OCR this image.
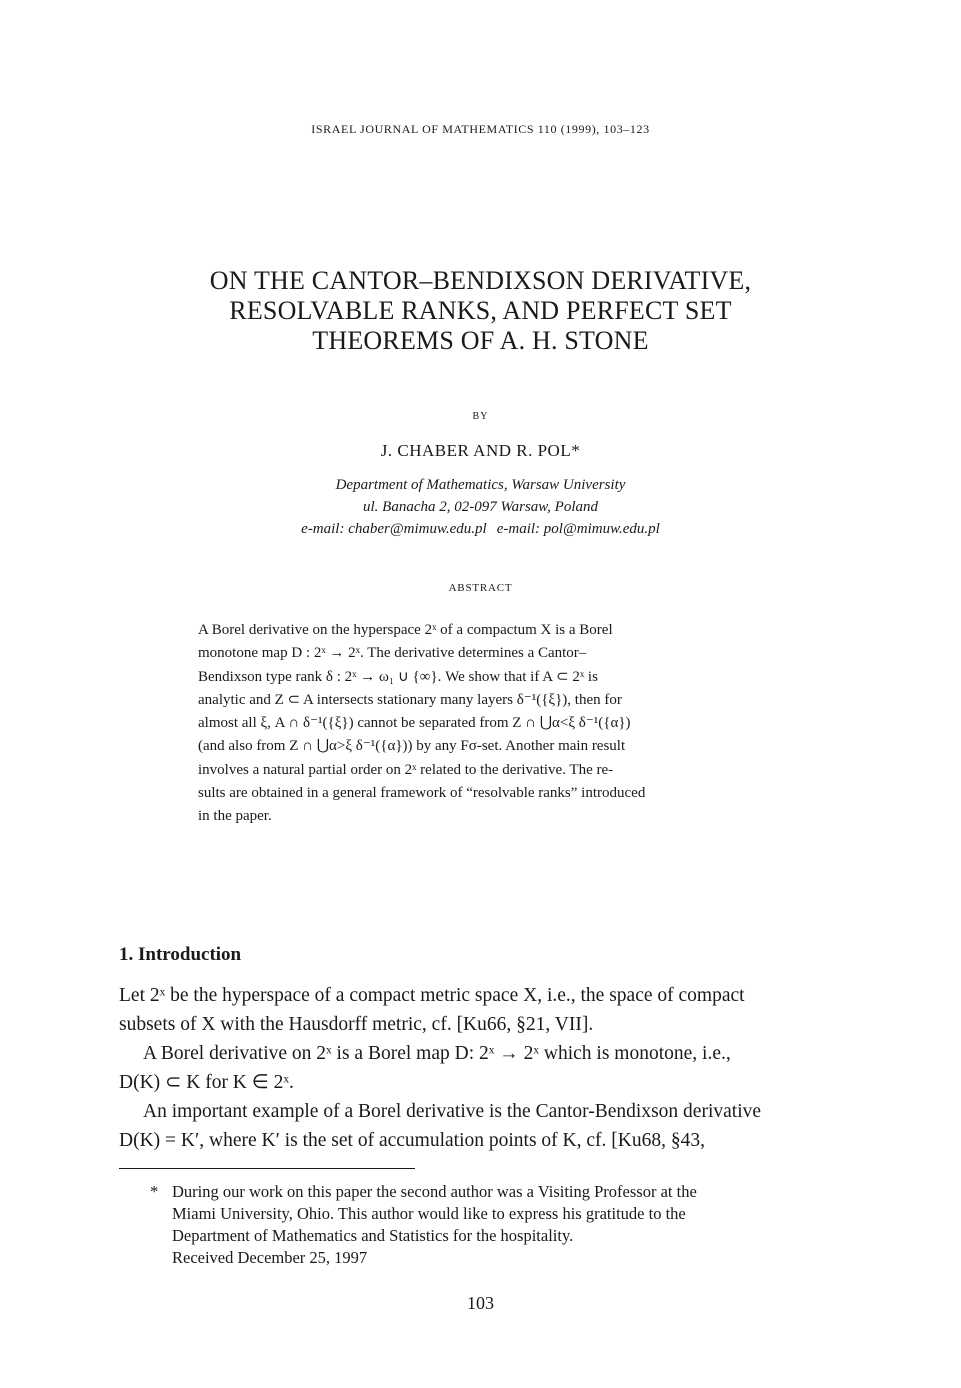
ISRAEL JOURNAL OF MATHEMATICS 110 (1999), 103–123
ON THE CANTOR–BENDIXSON DERIVATIVE,
RESOLVABLE RANKS, AND PERFECT SET
THEOREMS OF A. H. STONE
BY
J. CHABER AND R. POL*
Department of Mathematics, Warsaw University
ul. Banacha 2, 02-097 Warsaw, Poland
e-mail: chaber@mimuw.edu.pl e-mail: pol@mimuw.edu.pl
ABSTRACT
A Borel derivative on the hyperspace 2ˣ of a compactum X is a Borel
monotone map D : 2ˣ → 2ˣ. The derivative determines a Cantor–
Bendixson type rank δ : 2ˣ → ω₁ ∪ {∞}. We show that if A ⊂ 2ˣ is
analytic and Z ⊂ A intersects stationary many layers δ⁻¹({ξ}), then for
almost all ξ, A ∩ δ⁻¹({ξ}) cannot be separated from Z ∩ ⋃α<ξ δ⁻¹({α})
(and also from Z ∩ ⋃α>ξ δ⁻¹({α})) by any Fσ-set. Another main result
involves a natural partial order on 2ˣ related to the derivative. The re-
sults are obtained in a general framework of “resolvable ranks” introduced
in the paper.
1. Introduction
Let 2ˣ be the hyperspace of a compact metric space X, i.e., the space of compact
subsets of X with the Hausdorff metric, cf. [Ku66, §21, VII].
A Borel derivative on 2ˣ is a Borel map D: 2ˣ → 2ˣ which is monotone, i.e.,
D(K) ⊂ K for K ∈ 2ˣ.
An important example of a Borel derivative is the Cantor-Bendixson derivative
D(K) = K′, where K′ is the set of accumulation points of K, cf. [Ku68, §43,
* During our work on this paper the second author was a Visiting Professor at the
Miami University, Ohio. This author would like to express his gratitude to the
Department of Mathematics and Statistics for the hospitality.
Received December 25, 1997
103
